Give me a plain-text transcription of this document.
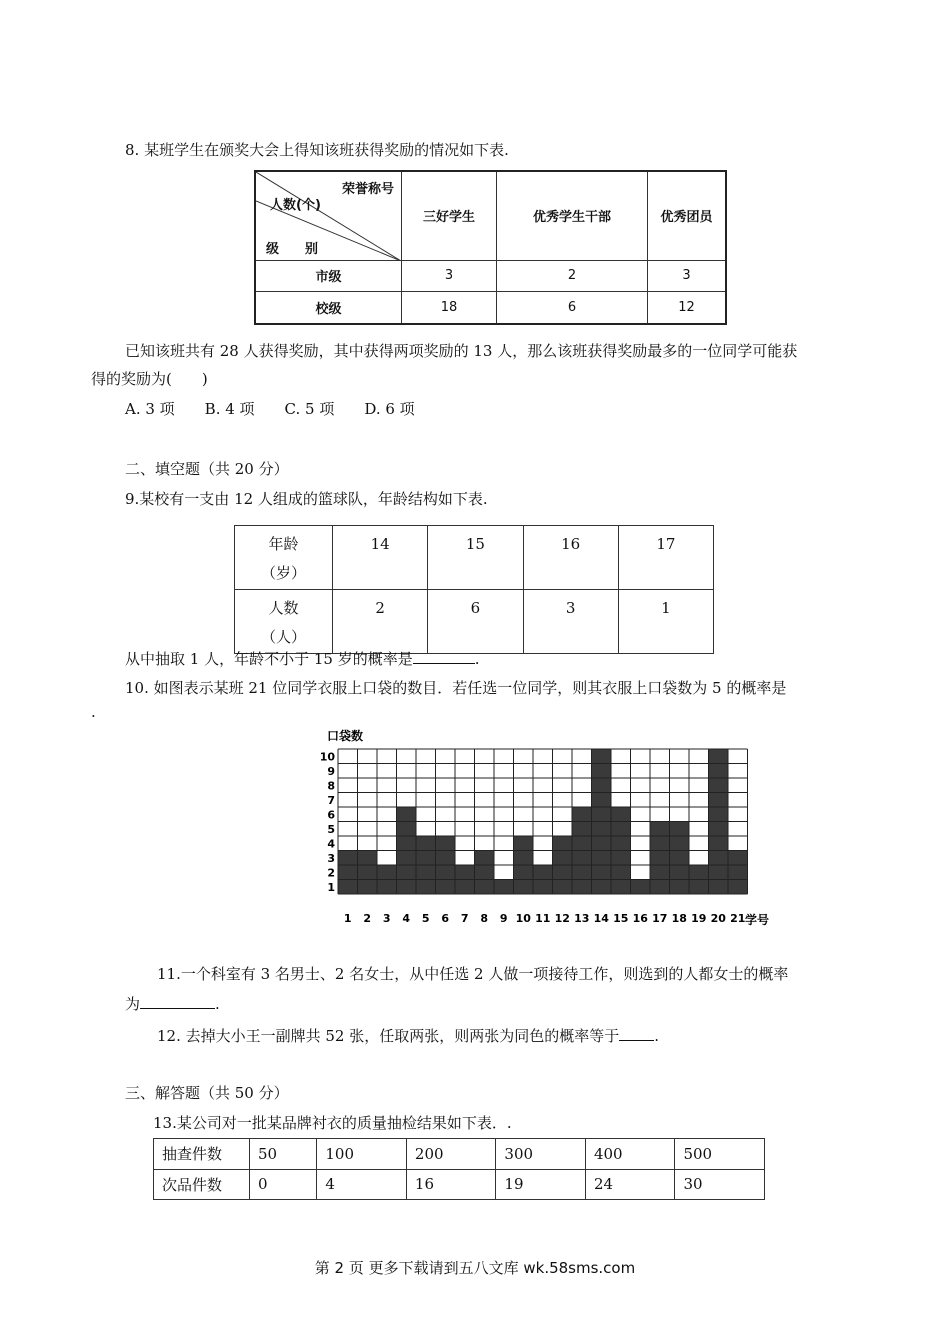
8. 某班学生在颁奖大会上得知该班获得奖励的情况如下表.
荣誉称号
人数(个)
级　　别	三好学生	优秀学生干部	优秀团员
市级	3	2	3
校级	18	6	12
已知该班共有 28 人获得奖励，其中获得两项奖励的 13 人，那么该班获得奖励最多的一位同学可能获
得的奖励为(　　)
A. 3 项　　B. 4 项　　C. 5 项　　D. 6 项
二、填空题（共 20 分）
9.某校有一支由 12 人组成的篮球队，年龄结构如下表.
年龄
（岁）	14	15	16	17
人数
（人）	2	6	3	1
从中抽取 1 人，年龄不小于 15 岁的概率是	.
10. 如图表示某班 21 位同学衣服上口袋的数目．若任选一位同学，则其衣服上口袋数为 5 的概率是
.
口袋数
1
2
3
4
5
6
7
8
9
10
1 2 3 4 5 6 7 8 9 10 11 12 13 14 15 16 17 18 19 20 21 学号
11.一个科室有 3 名男士、2 名女士，从中任选 2 人做一项接待工作，则选到的人都女士的概率
为	.
12. 去掉大小王一副牌共 52 张，任取两张，则两张为同色的概率等于 .
三、解答题（共 50 分）
13.某公司对一批某品牌衬衣的质量抽检结果如下表．.
抽查件数	50	100	200	300	400	500
次品件数	0	4	16	19	24	30
第 2 页 更多下载请到五八文库 wk.58sms.com
